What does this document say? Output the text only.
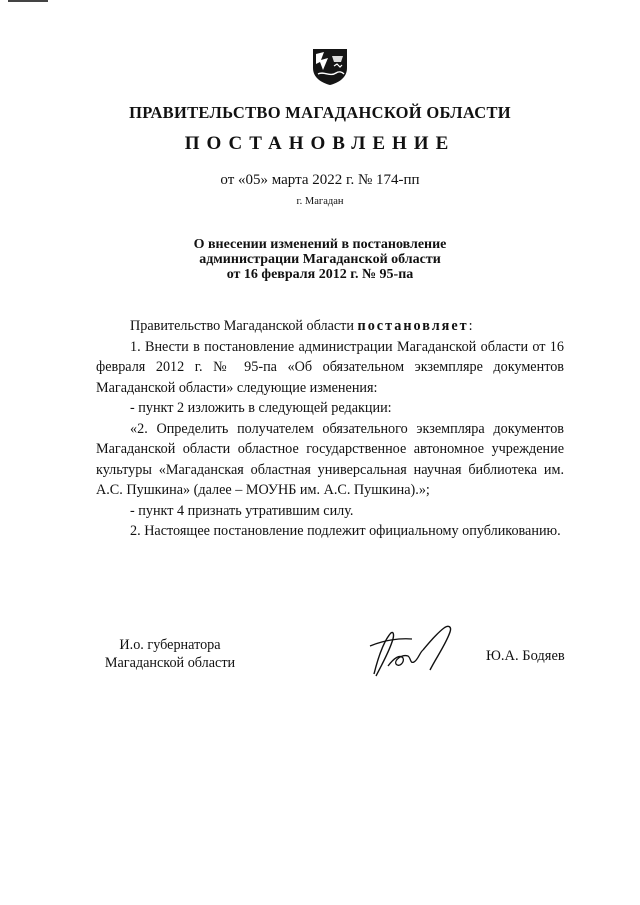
ПРАВИТЕЛЬСТВО МАГАДАНСКОЙ ОБЛАСТИ
ПОСТАНОВЛЕНИЕ
от «05» марта 2022 г. № 174-пп
г. Магадан
О внесении изменений в постановление
администрации Магаданской области
от 16 февраля 2012 г. № 95-па

Правительство Магаданской области постановляет:

1. Внести в постановление администрации Магаданской области от 16 февраля 2012 г. № 95-па «Об обязательном экземпляре документов Магаданской области» следующие изменения:

- пункт 2 изложить в следующей редакции:

«2. Определить получателем обязательного экземпляра документов Магаданской области областное государственное автономное учреждение культуры «Магаданская областная универсальная научная библиотека им. А.С. Пушкина» (далее – МОУНБ им. А.С. Пушкина).»;

- пункт 4 признать утратившим силу.

2. Настоящее постановление подлежит официальному опубликованию.

И.о. губернатора
Магаданской области	Ю.А. Бодяев
